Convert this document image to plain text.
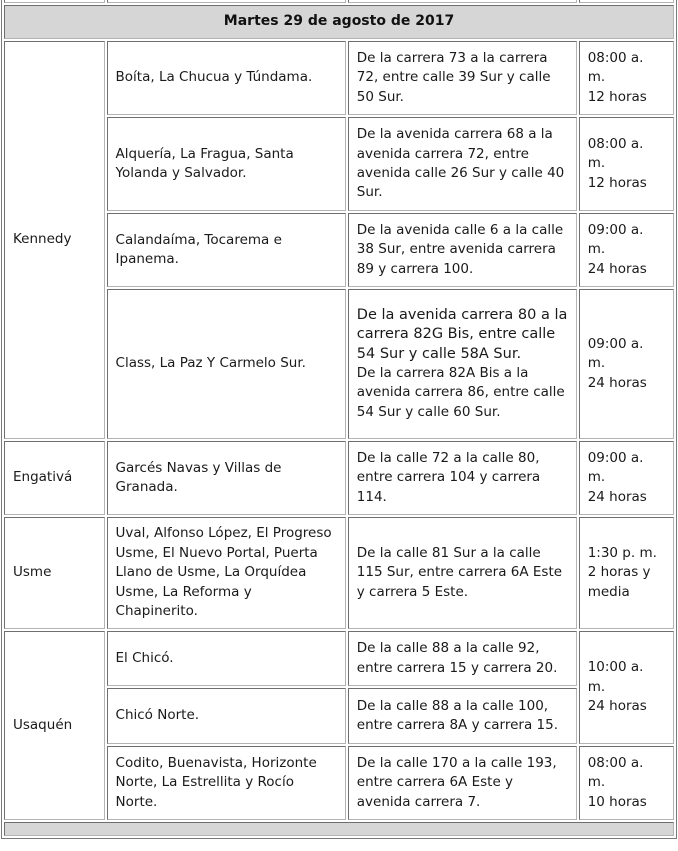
Martes 29 de agosto de 2017			
Kennedy	Boíta, La Chucua y Túndama.	De la carrera 73 a la carrera 72, entre calle 39 Sur y calle 50 Sur.	08:00 a. m.
12 horas

	Alquería, La Fragua, Santa Yolanda y Salvador.	De la avenida carrera 68 a la avenida carrera 72, entre avenida calle 26 Sur y calle 40 Sur.	08:00 a. m.
12 horas

	Calandaíma, Tocarema e Ipanema.	De la avenida calle 6 a la calle 38 Sur, entre avenida carrera 89 y carrera 100.	09:00 a. m.
24 horas

	Class, La Paz Y Carmelo Sur.	De la avenida carrera 80 a la carrera 82G Bis, entre calle 54 Sur y calle 58A Sur.
De la carrera 82A Bis a la avenida carrera 86, entre calle 54 Sur y calle 60 Sur.	09:00 a. m.
24 horas

Engativá	Garcés Navas y Villas de Granada.	De la calle 72 a la calle 80, entre carrera 104 y carrera 114.	09:00 a. m.
24 horas

Usme	Uval, Alfonso López, El Progreso Usme, El Nuevo Portal, Puerta Llano de Usme, La Orquídea Usme, La Reforma y Chapinerito.	De la calle 81 Sur a la calle 115 Sur, entre carrera 6A Este y carrera 5 Este.	1:30 p. m.
2 horas y media

Usaquén	El Chicó.	De la calle 88 a la calle 92, entre carrera 15 y carrera 20.	10:00 a. m.
24 horas

	Chicó Norte.	De la calle 88 a la calle 100, entre carrera 8A y carrera 15.	
	Codito, Buenavista, Horizonte Norte, La Estrellita y Rocío Norte.	De la calle 170 a la calle 193, entre carrera 6A Este y avenida carrera 7.	08:00 a. m.
10 horas
